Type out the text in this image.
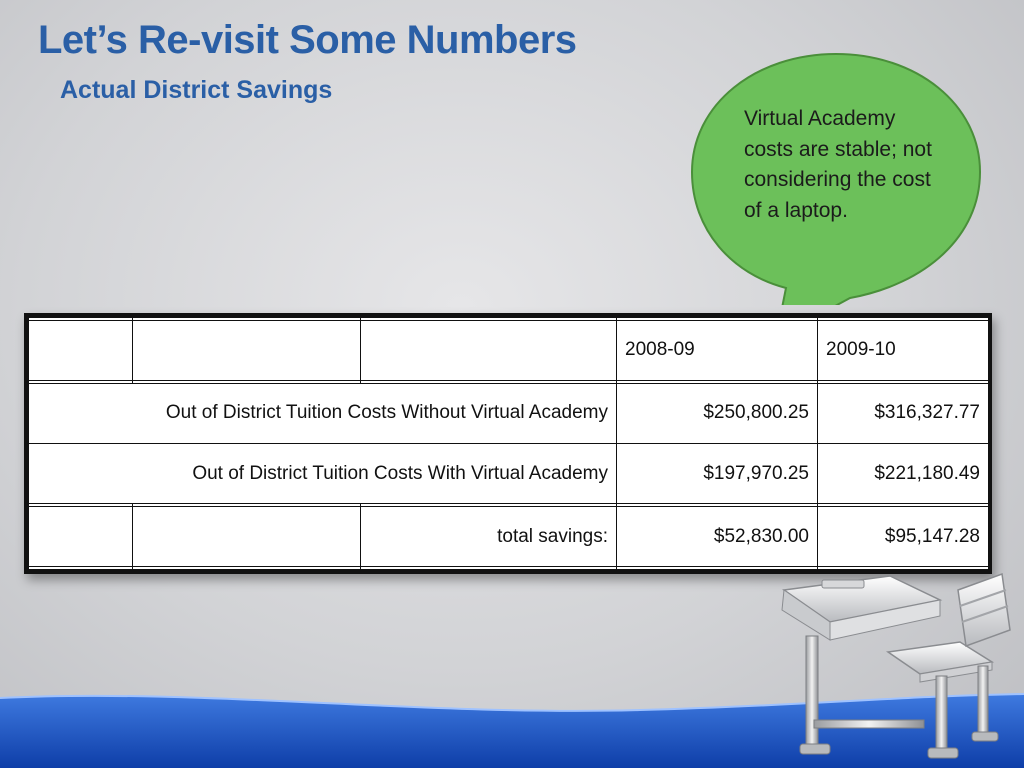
Let’s Re-visit Some Numbers
Actual District Savings
Virtual Academy costs are stable; not considering the cost of a laptop.

			2008-09	2009-10

Out of District Tuition Costs Without Virtual Academy			$250,800.25	$316,327.77
Out of District Tuition Costs With Virtual Academy			$197,970.25	$221,180.49

		total savings:	$52,830.00	$95,147.28
